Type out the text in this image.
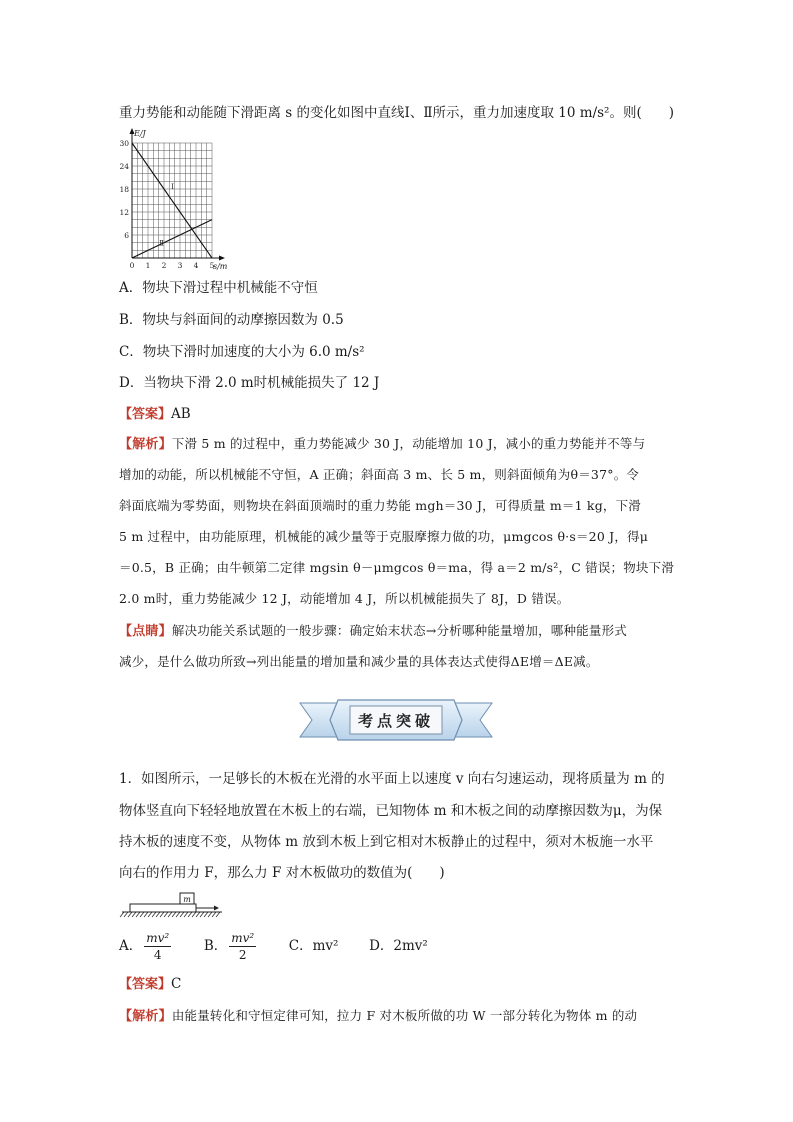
重力势能和动能随下滑距离 s 的变化如图中直线Ⅰ、Ⅱ所示，重力加速度取 10 m/s²。则(　　)
0 1 2 3 4 5
6
12
18
24
30
Ⅰ
Ⅱ
E/J
s/m
A．物块下滑过程中机械能不守恒
B．物块与斜面间的动摩擦因数为 0.5
C．物块下滑时加速度的大小为 6.0 m/s²
D．当物块下滑 2.0 m时机械能损失了 12 J
【答案】AB
【解析】下滑 5 m 的过程中，重力势能减少 30 J，动能增加 10 J，减小的重力势能并不等与
增加的动能，所以机械能不守恒，A 正确；斜面高 3 m、长 5 m，则斜面倾角为θ＝37°。令
斜面底端为零势面，则物块在斜面顶端时的重力势能 mgh＝30 J，可得质量 m＝1 kg，下滑
5 m 过程中，由功能原理，机械能的减少量等于克服摩擦力做的功，μmgcos θ·s＝20 J，得μ
＝0.5，B 正确；由牛顿第二定律 mgsin θ－μmgcos θ＝ma，得 a＝2 m/s²，C 错误；物块下滑
2.0 m时，重力势能减少 12 J，动能增加 4 J，所以机械能损失了 8J，D 错误。
【点睛】解决功能关系试题的一般步骤：确定始末状态→分析哪种能量增加，哪种能量形式
减少，是什么做功所致→列出能量的增加量和减少量的具体表达式使得ΔE增＝ΔE减。
考点突破
1．如图所示，一足够长的木板在光滑的水平面上以速度 v 向右匀速运动，现将质量为 m 的
物体竖直向下轻轻地放置在木板上的右端，已知物体 m 和木板之间的动摩擦因数为μ，为保
持木板的速度不变，从物体 m 放到木板上到它相对木板静止的过程中，须对木板施一水平
向右的作用力 F，那么力 F 对木板做功的数值为(　　)
m
A． $\frac{\text{mv²}}{4}$ B． $\frac{\text{mv²}}{2}$ C．mv² D．2mv²
【答案】C
【解析】由能量转化和守恒定律可知，拉力 F 对木板所做的功 W 一部分转化为物体 m 的动
